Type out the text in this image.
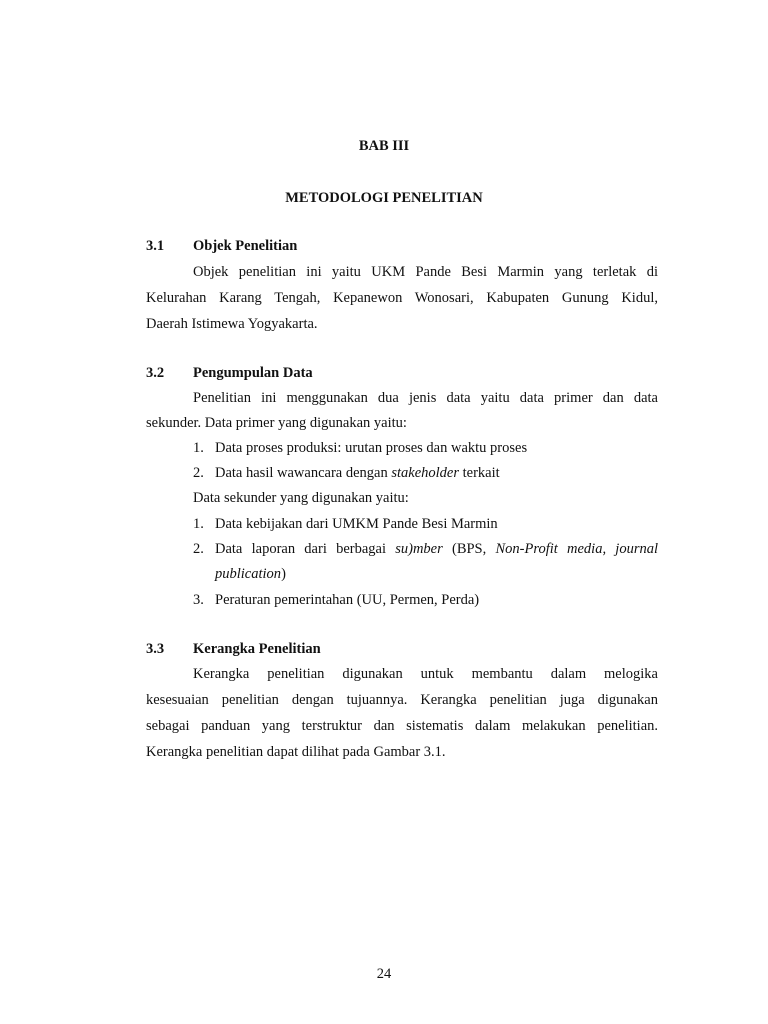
BAB III
METODOLOGI PENELITIAN
3.1 Objek Penelitian
Objek penelitian ini yaitu UKM Pande Besi Marmin yang terletak di
Kelurahan Karang Tengah, Kepanewon Wonosari, Kabupaten Gunung Kidul,
Daerah Istimewa Yogyakarta.
3.2 Pengumpulan Data
Penelitian ini menggunakan dua jenis data yaitu data primer dan data
sekunder. Data primer yang digunakan yaitu:
1. Data proses produksi: urutan proses dan waktu proses
2. Data hasil wawancara dengan stakeholder terkait
Data sekunder yang digunakan yaitu:
1. Data kebijakan dari UMKM Pande Besi Marmin
2. Data laporan dari berbagai su)mber (BPS, Non-Profit media, journal
publication)
3. Peraturan pemerintahan (UU, Permen, Perda)
3.3 Kerangka Penelitian
Kerangka penelitian digunakan untuk membantu dalam melogika
kesesuaian penelitian dengan tujuannya. Kerangka penelitian juga digunakan
sebagai panduan yang terstruktur dan sistematis dalam melakukan penelitian.
Kerangka penelitian dapat dilihat pada Gambar 3.1.
24
